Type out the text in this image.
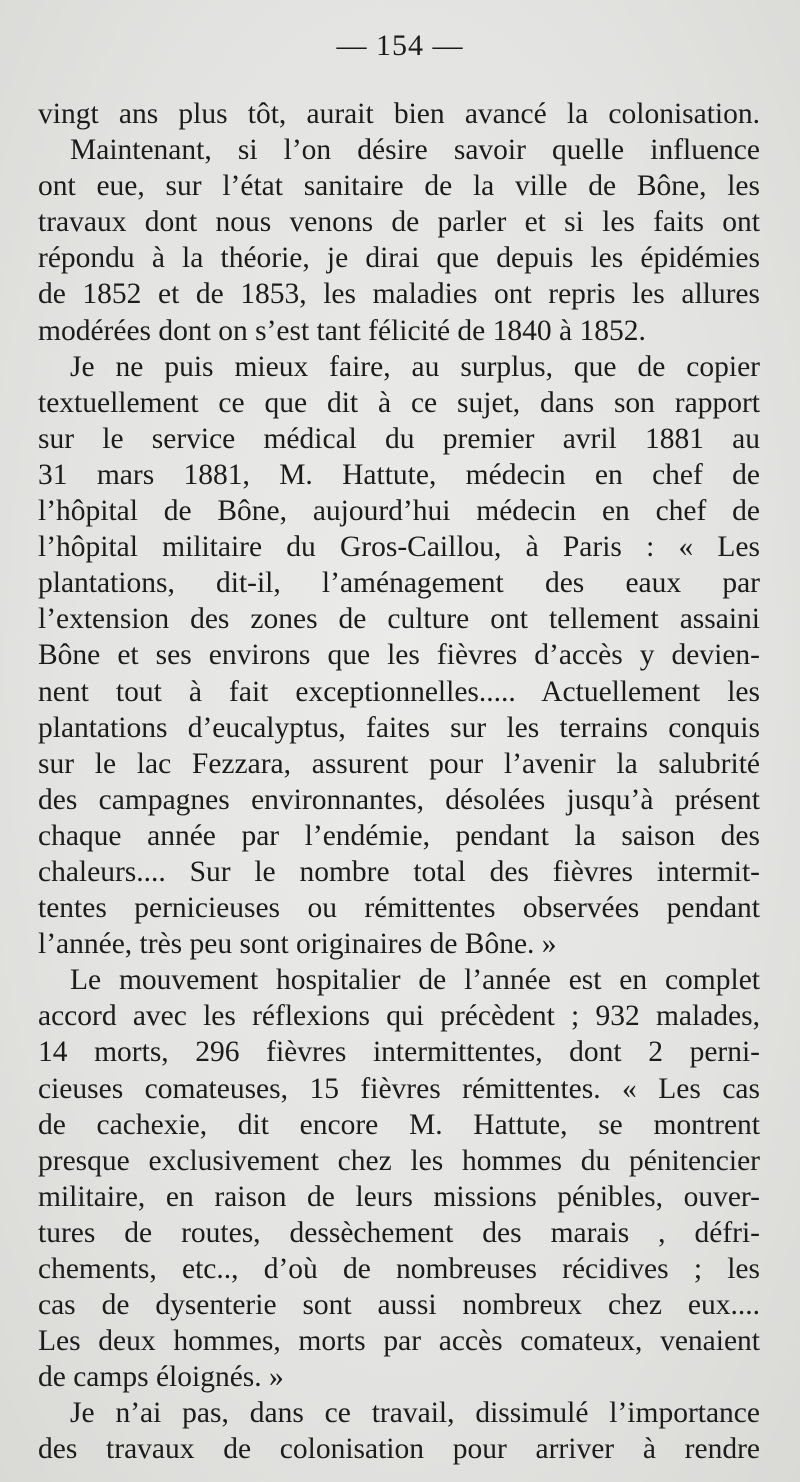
— 154 —
vingt ans plus tôt, aurait bien avancé la colonisation.
Maintenant, si l’on désire savoir quelle influence
ont eue, sur l’état sanitaire de la ville de Bône, les
travaux dont nous venons de parler et si les faits ont
répondu à la théorie, je dirai que depuis les épidémies
de 1852 et de 1853, les maladies ont repris les allures
modérées dont on s’est tant félicité de 1840 à 1852.
Je ne puis mieux faire, au surplus, que de copier
textuellement ce que dit à ce sujet, dans son rapport
sur le service médical du premier avril 1881 au
31 mars 1881, M. Hattute, médecin en chef de
l’hôpital de Bône, aujourd’hui médecin en chef de
l’hôpital militaire du Gros-Caillou, à Paris : « Les
plantations, dit-il, l’aménagement des eaux par
l’extension des zones de culture ont tellement assaini
Bône et ses environs que les fièvres d’accès y devien-
nent tout à fait exceptionnelles..... Actuellement les
plantations d’eucalyptus, faites sur les terrains conquis
sur le lac Fezzara, assurent pour l’avenir la salubrité
des campagnes environnantes, désolées jusqu’à présent
chaque année par l’endémie, pendant la saison des
chaleurs.... Sur le nombre total des fièvres intermit-
tentes pernicieuses ou rémittentes observées pendant
l’année, très peu sont originaires de Bône. »
Le mouvement hospitalier de l’année est en complet
accord avec les réflexions qui précèdent ; 932 malades,
14 morts, 296 fièvres intermittentes, dont 2 perni-
cieuses comateuses, 15 fièvres rémittentes. « Les cas
de cachexie, dit encore M. Hattute, se montrent
presque exclusivement chez les hommes du pénitencier
militaire, en raison de leurs missions pénibles, ouver-
tures de routes, dessèchement des marais , défri-
chements, etc.., d’où de nombreuses récidives ; les
cas de dysenterie sont aussi nombreux chez eux....
Les deux hommes, morts par accès comateux, venaient
de camps éloignés. »
Je n’ai pas, dans ce travail, dissimulé l’importance
des travaux de colonisation pour arriver à rendre
